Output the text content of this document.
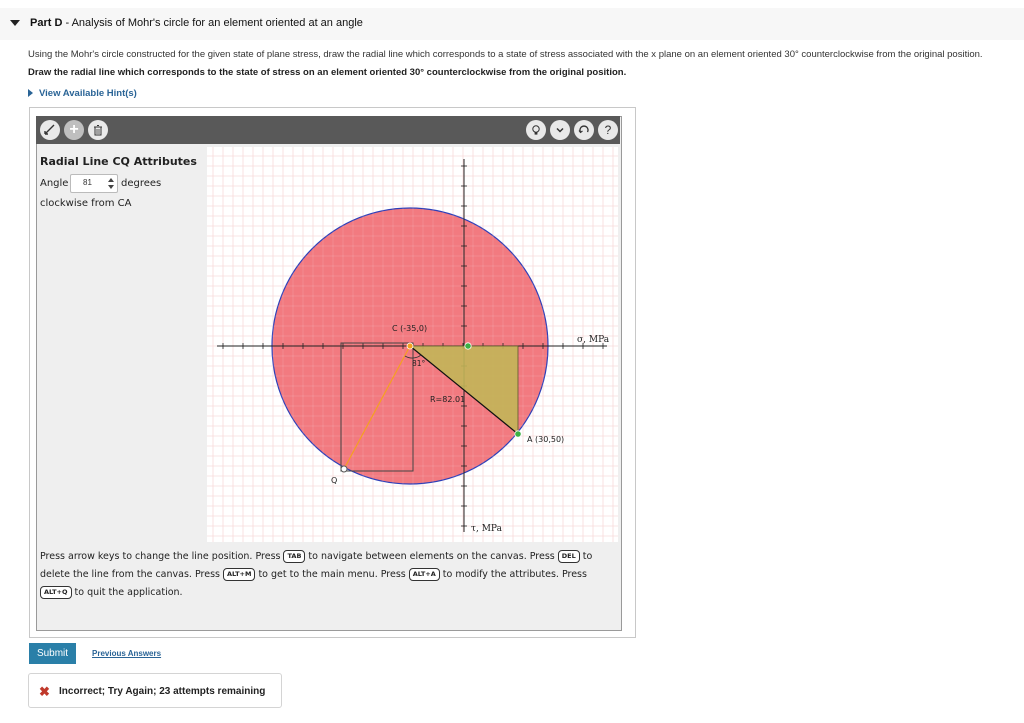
Part D - Analysis of Mohr's circle for an element oriented at an angle
Using the Mohr's circle constructed for the given state of plane stress, draw the radial line which corresponds to a state of stress associated with the x plane on an element oriented 30° counterclockwise from the original position.
Draw the radial line which corresponds to the state of stress on an element oriented 30° counterclockwise from the original position.
View Available Hint(s)
+	?
Radial Line CQ Attributes
Angle 81	degrees
clockwise from CA
C (-35,0)
81°
R=82.01
A (30,50)
Q
σ, MPa
τ, MPa
Press arrow keys to change the line position. Press TAB to navigate between elements on the canvas. Press DEL to delete the line from the canvas. Press ALT+M to get to the main menu. Press ALT+A to modify the attributes. Press ALT+Q to quit the application.
Submit	Previous Answers
✖ Incorrect; Try Again; 23 attempts remaining
